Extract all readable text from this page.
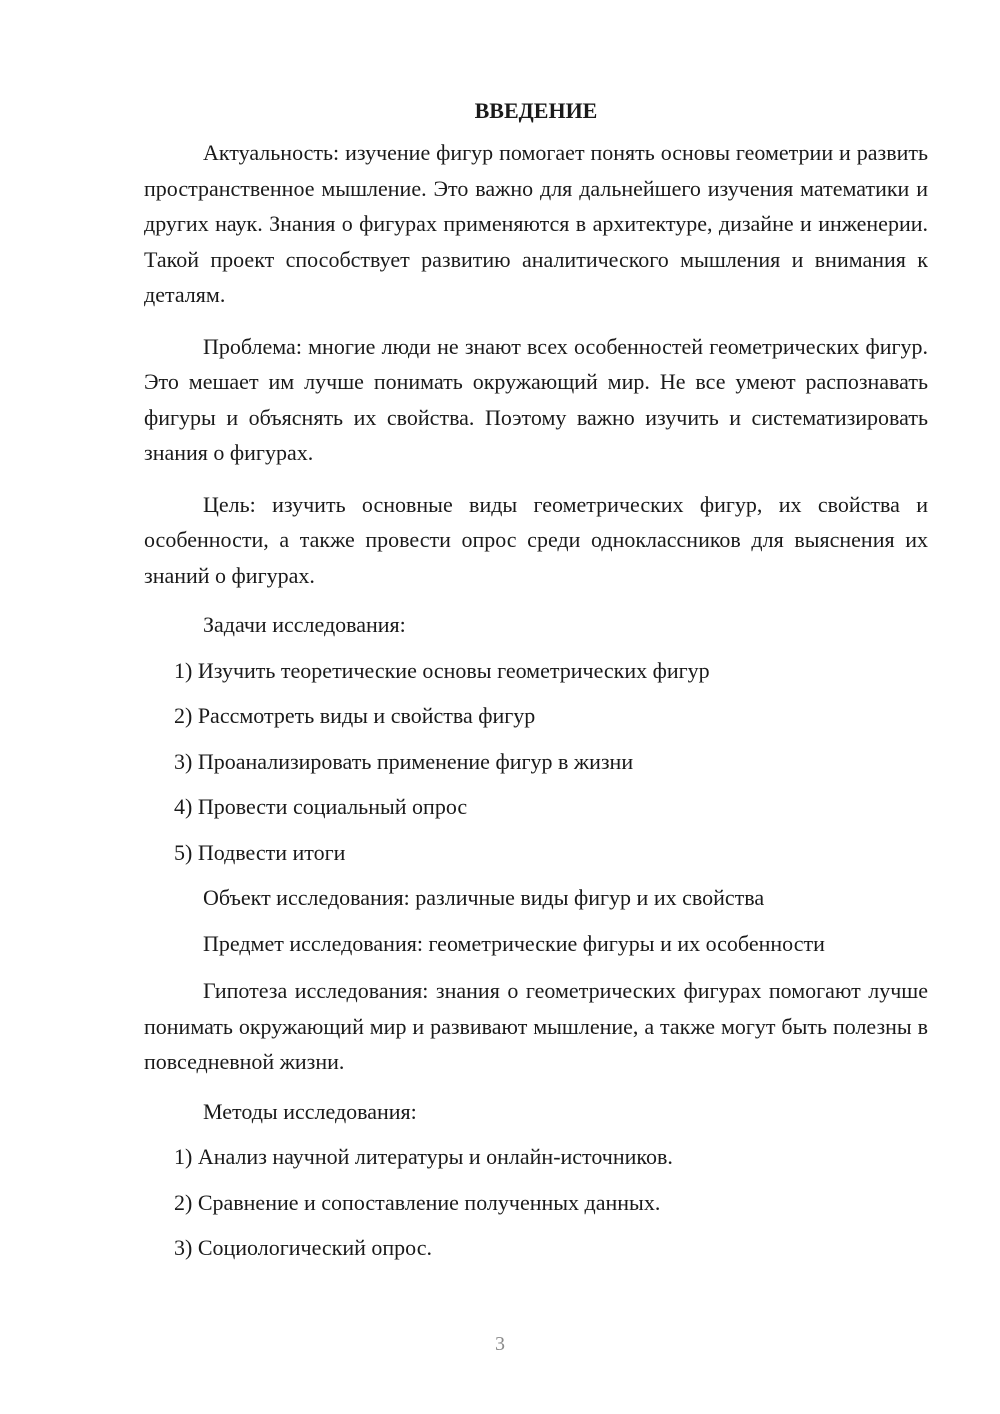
ВВЕДЕНИЕ

Актуальность: изучение фигур помогает понять основы геометрии и развить пространственное мышление. Это важно для дальнейшего изучения математики и других наук. Знания о фигурах применяются в архитектуре, дизайне и инженерии. Такой проект способствует развитию аналитического мышления и внимания к деталям.

Проблема: многие люди не знают всех особенностей геометрических фигур. Это мешает им лучше понимать окружающий мир. Не все умеют распознавать фигуры и объяснять их свойства. Поэтому важно изучить и систематизировать знания о фигурах.

Цель: изучить основные виды геометрических фигур, их свойства и особенности, а также провести опрос среди одноклассников для выяснения их знаний о фигурах.

Задачи исследования:
1) Изучить теоретические основы геометрических фигур
2) Рассмотреть виды и свойства фигур
3) Проанализировать применение фигур в жизни
4) Провести социальный опрос
5) Подвести итоги
Объект исследования: различные виды фигур и их свойства
Предмет исследования: геометрические фигуры и их особенности

Гипотеза исследования: знания о геометрических фигурах помогают лучше понимать окружающий мир и развивают мышление, а также могут быть полезны в повседневной жизни.

Методы исследования:
1) Анализ научной литературы и онлайн-источников.
2) Сравнение и сопоставление полученных данных.
3) Социологический опрос.
3
